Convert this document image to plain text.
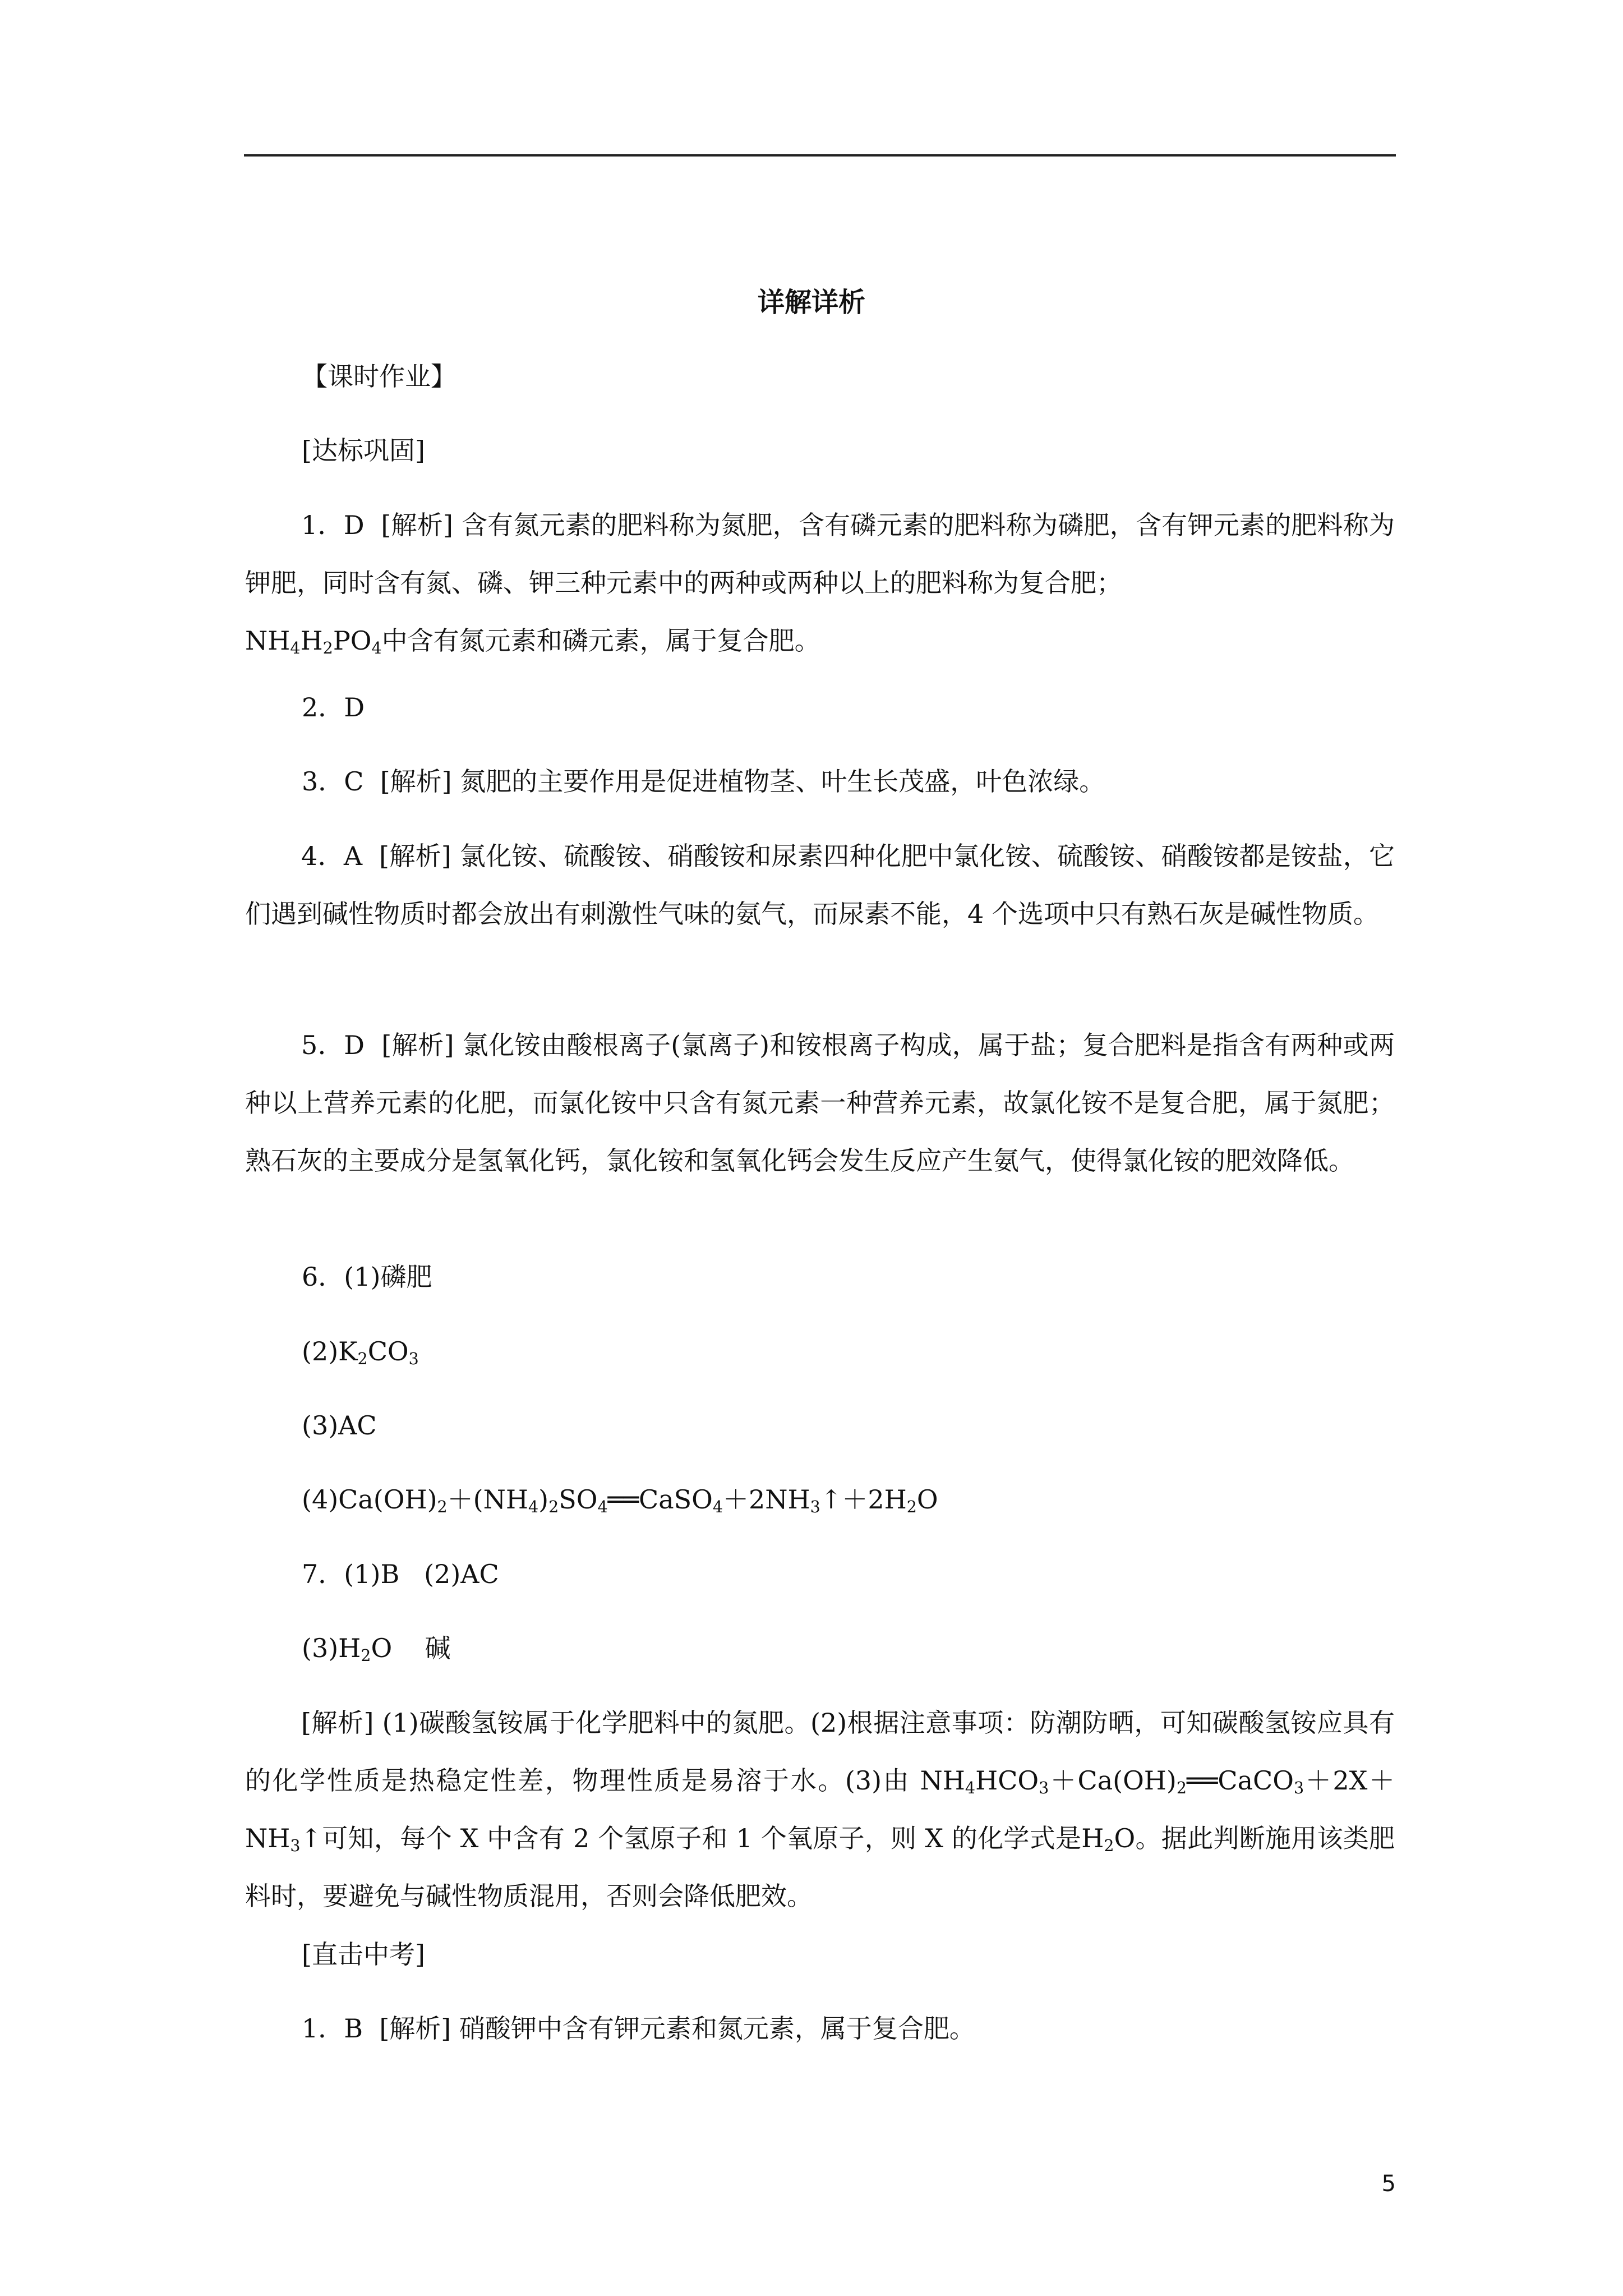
详解详析

【课时作业】

[达标巩固]

1．D [解析] 含有氮元素的肥料称为氮肥，含有磷元素的肥料称为磷肥，含有钾元素的肥料称为钾肥，同时含有氮、磷、钾三种元素中的两种或两种以上的肥料称为复合肥；
$NH_4H_2PO_4$中含有氮元素和磷元素，属于复合肥。

2．D

3．C [解析] 氮肥的主要作用是促进植物茎、叶生长茂盛，叶色浓绿。

4．A [解析] 氯化铵、硫酸铵、硝酸铵和尿素四种化肥中氯化铵、硫酸铵、硝酸铵都是铵盐，它们遇到碱性物质时都会放出有刺激性气味的氨气，而尿素不能，4 个选项中只有熟石灰是碱性物质。

5．D [解析] 氯化铵由酸根离子(氯离子)和铵根离子构成，属于盐；复合肥料是指含有两种或两种以上营养元素的化肥，而氯化铵中只含有氮元素一种营养元素，故氯化铵不是复合肥，属于氮肥；熟石灰的主要成分是氢氧化钙，氯化铵和氢氧化钙会发生反应产生氨气，使得氯化铵的肥效降低。

6．(1)磷肥

$(2)K_2CO_3$

(3)AC

$(4)Ca(OH)_2+(NH_4)_2SO_4══CaSO_4+2NH_3↑+2H_2O$

7．(1)B (2)AC

$(3)H_2O$ 碱

[解析] (1)碳酸氢铵属于化学肥料中的氮肥。(2)根据注意事项：防潮防晒，可知碳酸氢铵应具有的化学性质是热稳定性差，物理性质是易溶于水。(3)由 $NH_4HCO_3+Ca(OH)_2══CaCO_3+2X+NH_3↑$可知，每个 X 中含有 2 个氢原子和 1 个氧原子，则 X 的化学式是$H_2O$。据此判断施用该类肥料时，要避免与碱性物质混用，否则会降低肥效。

[直击中考]

1．B [解析] 硝酸钾中含有钾元素和氮元素，属于复合肥。

5
